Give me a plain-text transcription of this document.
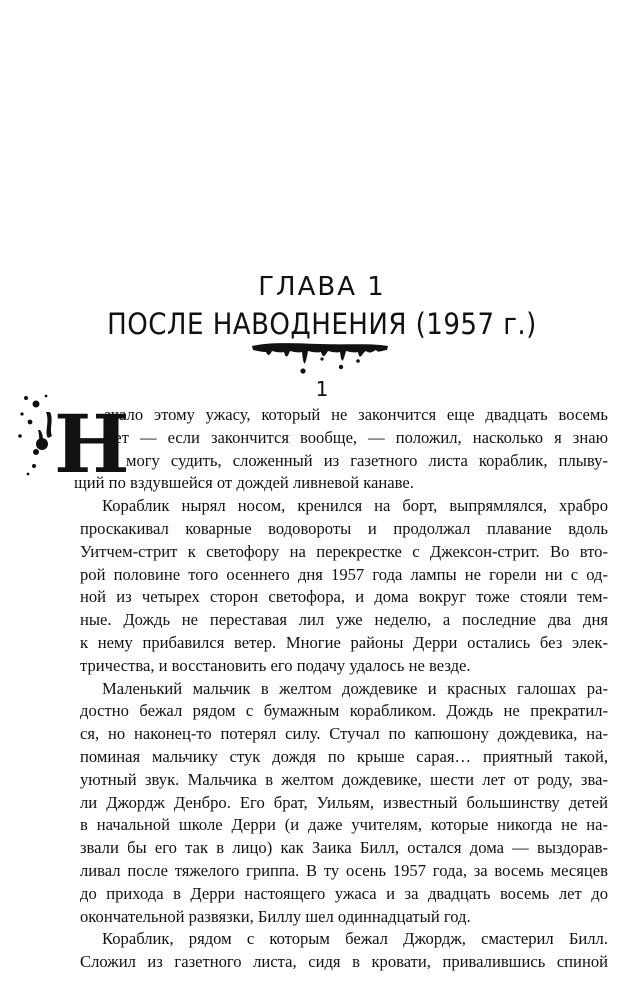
ГЛАВА 1
ПОСЛЕ НАВОДНЕНИЯ (1957 г.)
1
Н
ачало этому ужасу, который не закончится еще двадцать восемь
лет — если закончится вообще, — положил, насколько я знаю
и могу судить, сложенный из газетного листа кораблик, плыву-
щий по вздувшейся от дождей ливневой канаве.
Кораблик нырял носом, кренился на борт, выпрямлялся, храбро
проскакивал коварные водовороты и продолжал плавание вдоль
Уитчем-стрит к светофору на перекрестке с Джексон-стрит. Во вто-
рой половине того осеннего дня 1957 года лампы не горели ни с од-
ной из четырех сторон светофора, и дома вокруг тоже стояли тем-
ные. Дождь не переставая лил уже неделю, а последние два дня
к нему прибавился ветер. Многие районы Дерри остались без элек-
тричества, и восстановить его подачу удалось не везде.
Маленький мальчик в желтом дождевике и красных галошах ра-
достно бежал рядом с бумажным корабликом. Дождь не прекратил-
ся, но наконец-то потерял силу. Стучал по капюшону дождевика, на-
поминая мальчику стук дождя по крыше сарая… приятный такой,
уютный звук. Мальчика в желтом дождевике, шести лет от роду, зва-
ли Джордж Денбро. Его брат, Уильям, известный большинству детей
в начальной школе Дерри (и даже учителям, которые никогда не на-
звали бы его так в лицо) как Заика Билл, остался дома — выздорав-
ливал после тяжелого гриппа. В ту осень 1957 года, за восемь месяцев
до прихода в Дерри настоящего ужаса и за двадцать восемь лет до
окончательной развязки, Биллу шел одиннадцатый год.
Кораблик, рядом с которым бежал Джордж, смастерил Билл.
Сложил из газетного листа, сидя в кровати, привалившись спиной
